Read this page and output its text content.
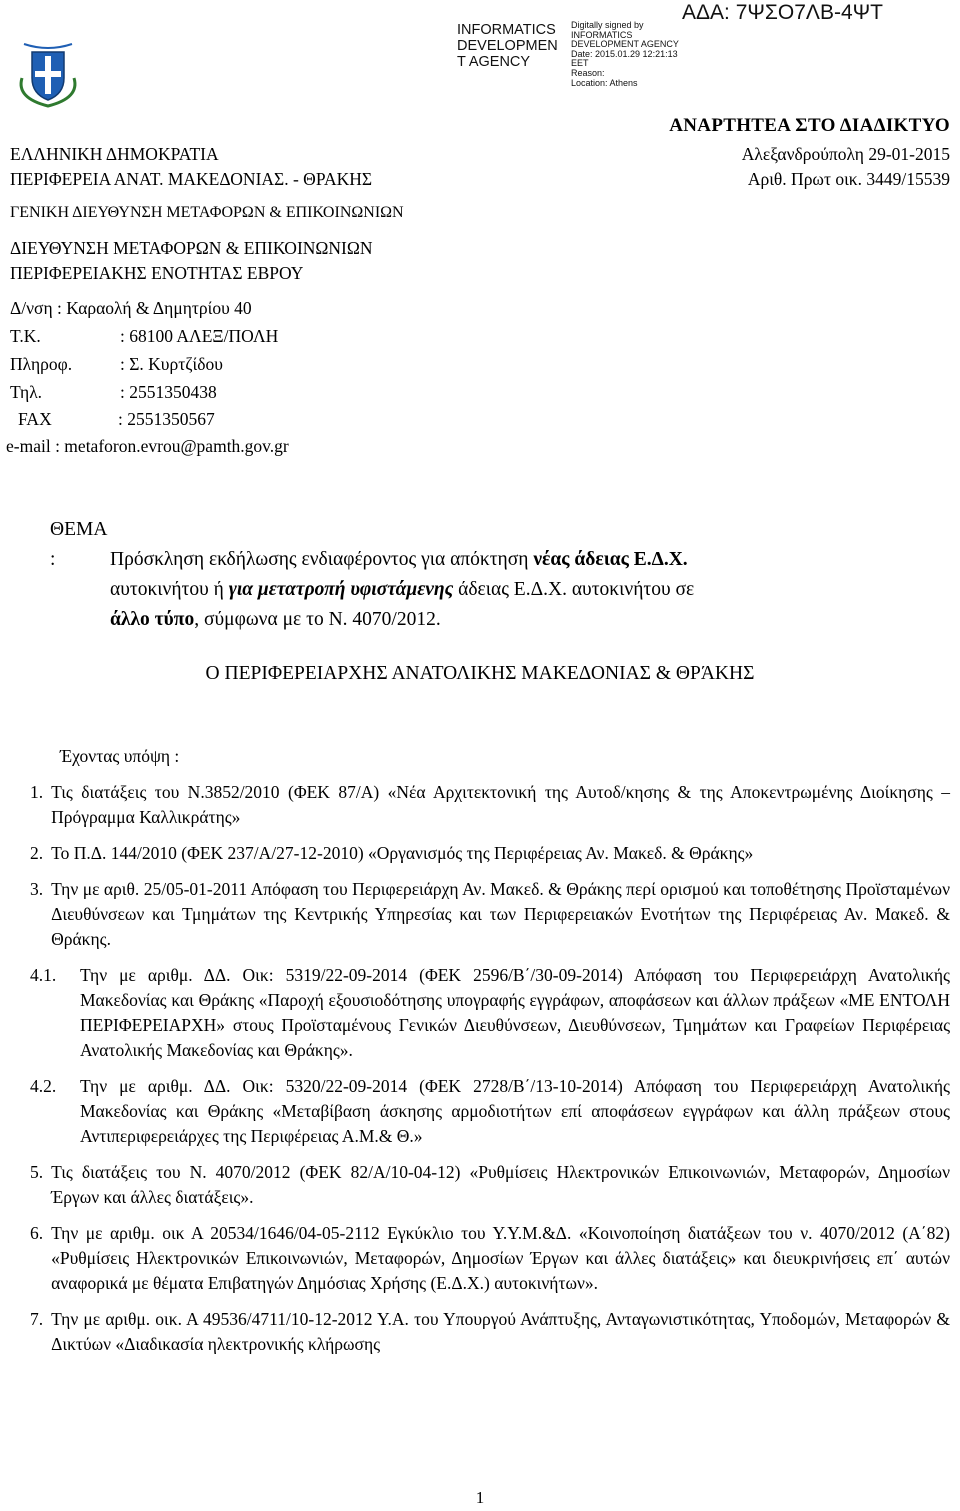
INFORMATICS DEVELOPMEN T AGENCY
Digitally signed by
INFORMATICS
DEVELOPMENT AGENCY
Date: 2015.01.29 12:21:13
EET
Reason:
Location: Athens
ΑΔΑ: 7ΨΣΟ7ΛΒ-4ΨΤ
ΑΝΑΡΤΗΤΕΑ ΣΤΟ ΔΙΑΔΙΚΤΥΟ
Αλεξανδρούπολη 29-01-2015
Αριθ. Πρωτ οικ. 3449/15539
ΕΛΛΗΝΙΚΗ ΔΗΜΟΚΡΑΤΙΑ
ΠΕΡΙΦΕΡΕΙΑ ΑΝΑΤ. ΜΑΚΕΔΟΝΙΑΣ. - ΘΡΑΚΗΣ
ΓΕΝΙΚΗ ΔΙΕΥΘΥΝΣΗ ΜΕΤΑΦΟΡΩΝ & ΕΠΙΚΟΙΝΩΝΙΩΝ
ΔΙΕΥΘΥΝΣΗ ΜΕΤΑΦΟΡΩΝ & ΕΠΙΚΟΙΝΩΝΙΩΝ
ΠΕΡΙΦΕΡΕΙΑΚΗΣ ΕΝΟΤΗΤΑΣ ΕΒΡΟΥ
Δ/νση : Καραολή & Δημητρίου 40
Τ.Κ.	: 68100 ΑΛΕΞ/ΠΟΛΗ
Πληροφ.	: Σ. Κυρτζίδου
Τηλ.	: 2551350438
FAX	: 2551350567
e-mail : metaforon.evrou@pamth.gov.gr
ΘΕΜΑ :	Πρόσκληση εκδήλωσης ενδιαφέροντος για απόκτηση νέας άδειας Ε.Δ.Χ.
αυτοκινήτου ή για μετατροπή υφιστάμενης άδειας Ε.Δ.Χ. αυτοκινήτου σε
άλλο τύπο, σύμφωνα με το Ν. 4070/2012.
Ο ΠΕΡΙΦΕΡΕΙΑΡΧΗΣ ΑΝΑΤΟΛΙΚΗΣ ΜΑΚΕΔΟΝΙΑΣ & ΘΡΆΚΗΣ
Έχοντας υπόψη :
1. Τις διατάξεις του Ν.3852/2010 (ΦΕΚ 87/Α) «Νέα Αρχιτεκτονική της Αυτοδ/κησης & της Αποκεντρωμένης Διοίκησης – Πρόγραμμα Καλλικράτης»
2. Το Π.Δ. 144/2010 (ΦΕΚ 237/Α/27-12-2010) «Οργανισμός της Περιφέρειας Αν. Μακεδ. & Θράκης»
3. Την με αριθ. 25/05-01-2011 Απόφαση του Περιφερειάρχη Αν. Μακεδ. & Θράκης περί ορισμού και τοποθέτησης Προϊσταμένων Διευθύνσεων και Τμημάτων της Κεντρικής Υπηρεσίας και των Περιφερειακών Ενοτήτων της Περιφέρειας Αν. Μακεδ. & Θράκης.
4.1.	Την με αριθμ. ΔΔ. Οικ: 5319/22-09-2014 (ΦΕΚ 2596/Β΄/30-09-2014) Απόφαση του Περιφερειάρχη Ανατολικής Μακεδονίας και Θράκης «Παροχή εξουσιοδότησης υπογραφής εγγράφων, αποφάσεων και άλλων πράξεων «ΜΕ ΕΝΤΟΛΗ ΠΕΡΙΦΕΡΕΙΑΡΧΗ» στους Προϊσταμένους Γενικών Διευθύνσεων, Διευθύνσεων, Τμημάτων και Γραφείων Περιφέρειας Ανατολικής Μακεδονίας και Θράκης».
4.2.	Την με αριθμ. ΔΔ. Οικ: 5320/22-09-2014 (ΦΕΚ 2728/Β΄/13-10-2014) Απόφαση του Περιφερειάρχη Ανατολικής Μακεδονίας και Θράκης «Μεταβίβαση άσκησης αρμοδιοτήτων επί αποφάσεων εγγράφων και άλλη πράξεων στους Αντιπεριφερειάρχες της Περιφέρειας Α.Μ.& Θ.»
5. Τις διατάξεις του Ν. 4070/2012 (ΦΕΚ 82/Α/10-04-12) «Ρυθμίσεις Ηλεκτρονικών Επικοινωνιών, Μεταφορών, Δημοσίων Έργων και άλλες διατάξεις».
6. Την με αριθμ. οικ Α 20534/1646/04-05-2112 Εγκύκλιο του Υ.Υ.Μ.&Δ. «Κοινοποίηση διατάξεων του ν. 4070/2012 (Α΄82) «Ρυθμίσεις Ηλεκτρονικών Επικοινωνιών, Μεταφορών, Δημοσίων Έργων και άλλες διατάξεις» και διευκρινήσεις επ΄ αυτών αναφορικά με θέματα Επιβατηγών Δημόσιας Χρήσης (Ε.Δ.Χ.) αυτοκινήτων».
7. Την με αριθμ. οικ. Α 49536/4711/10-12-2012 Υ.Α. του Υπουργού Ανάπτυξης, Ανταγωνιστικότητας, Υποδομών, Μεταφορών & Δικτύων «Διαδικασία ηλεκτρονικής κλήρωσης
1
